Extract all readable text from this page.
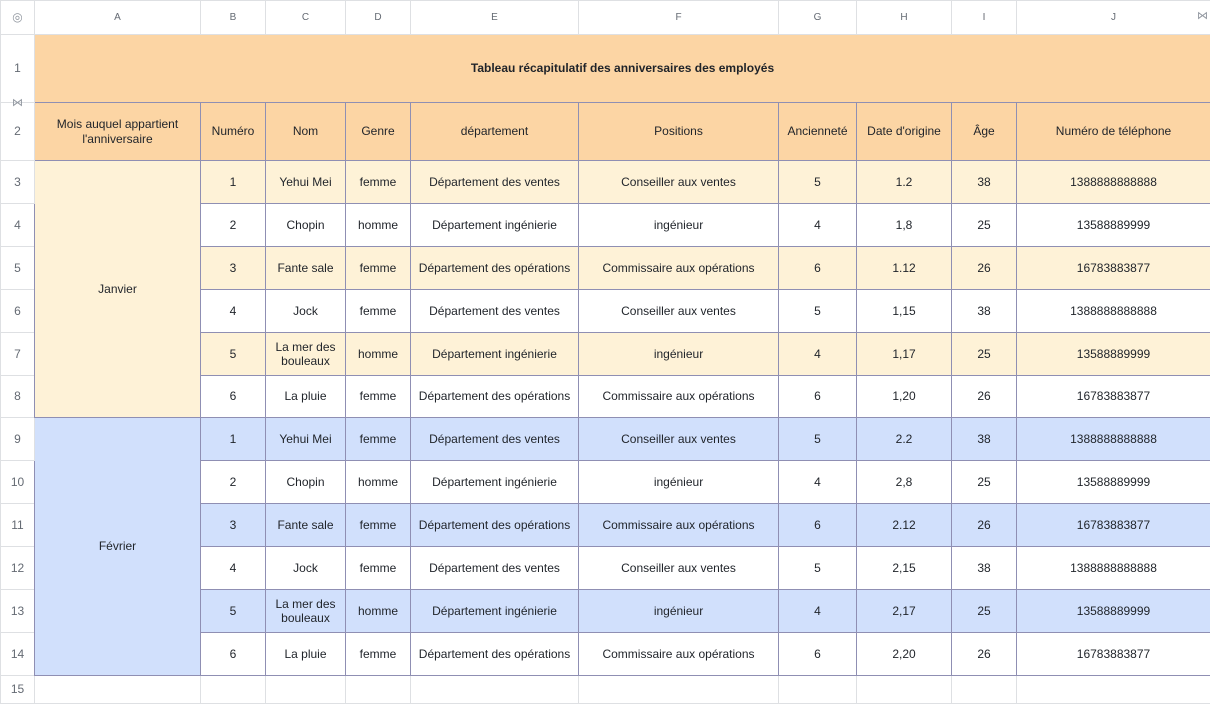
◎	A	B	C	D	E	F	G	H	I	J ⋈

1	Tableau récapitulatif des anniversaires des employés									
2	Mois auquel appartient l'anniversaire	Numéro	Nom	Genre	département	Positions	Ancienneté	Date d'origine	Âge	Numéro de téléphone
3	Janvier	1	Yehui Mei	femme	Département des ventes	Conseiller aux ventes	5	1.2	38	1388888888888
4		2	Chopin	homme	Département ingénierie	ingénieur	4	1,8	25	13588889999
5		3	Fante sale	femme	Département des opérations	Commissaire aux opérations	6	1.12	26	16783883877
6		4	Jock	femme	Département des ventes	Conseiller aux ventes	5	1,15	38	1388888888888
7		5	La mer des bouleaux	homme	Département ingénierie	ingénieur	4	1,17	25	13588889999
8		6	La pluie	femme	Département des opérations	Commissaire aux opérations	6	1,20	26	16783883877
9	Février	1	Yehui Mei	femme	Département des ventes	Conseiller aux ventes	5	2.2	38	1388888888888
10		2	Chopin	homme	Département ingénierie	ingénieur	4	2,8	25	13588889999
11		3	Fante sale	femme	Département des opérations	Commissaire aux opérations	6	2.12	26	16783883877
12		4	Jock	femme	Département des ventes	Conseiller aux ventes	5	2,15	38	1388888888888
13		5	La mer des bouleaux	homme	Département ingénierie	ingénieur	4	2,17	25	13588889999
14		6	La pluie	femme	Département des opérations	Commissaire aux opérations	6	2,20	26	16783883877
15										
⋈
